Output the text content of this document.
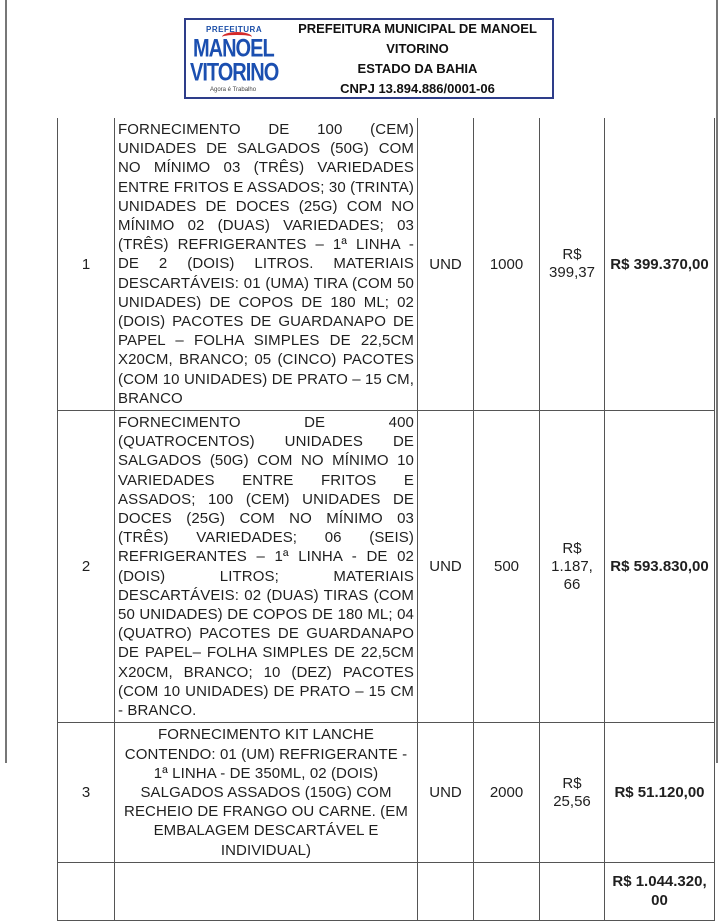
PREFEITURA
MANOEL
VITORINO
Agora é Trabalho
PREFEITURA MUNICIPAL DE MANOEL VITORINO
ESTADO DA BAHIA
CNPJ 13.894.886/0001-06
1	FORNECIMENTO DE 100 (CEM) UNIDADES DE SALGADOS (50G) COM NO MÍNIMO 03 (TRÊS) VARIEDADES ENTRE FRITOS E ASSADOS; 30 (TRINTA) UNIDADES DE DOCES (25G) COM NO MÍNIMO 02 (DUAS) VARIEDADES; 03 (TRÊS) REFRIGERANTES – 1ª LINHA - DE 2 (DOIS) LITROS. MATERIAIS DESCARTÁVEIS: 01 (UMA) TIRA (COM 50 UNIDADES) DE COPOS DE 180 ML; 02 (DOIS) PACOTES DE GUARDANAPO DE PAPEL – FOLHA SIMPLES DE 22,5CM X20CM, BRANCO; 05 (CINCO) PACOTES (COM 10 UNIDADES) DE PRATO – 15 CM, BRANCO	UND	1000	R$ 399,37	R$ 399.370,00
2	FORNECIMENTO DE 400 (QUATROCENTOS) UNIDADES DE SALGADOS (50G) COM NO MÍNIMO 10 VARIEDADES ENTRE FRITOS E ASSADOS; 100 (CEM) UNIDADES DE DOCES (25G) COM NO MÍNIMO 03 (TRÊS) VARIEDADES; 06 (SEIS) REFRIGERANTES – 1ª LINHA - DE 02 (DOIS) LITROS; MATERIAIS DESCARTÁVEIS: 02 (DUAS) TIRAS (COM 50 UNIDADES) DE COPOS DE 180 ML; 04 (QUATRO) PACOTES DE GUARDANAPO DE PAPEL– FOLHA SIMPLES DE 22,5CM X20CM, BRANCO; 10 (DEZ) PACOTES (COM 10 UNIDADES) DE PRATO – 15 CM - BRANCO.	UND	500	R$ 1.187, 66	R$ 593.830,00
3	FORNECIMENTO KIT LANCHE CONTENDO: 01 (UM) REFRIGERANTE - 1ª LINHA - DE 350ML, 02 (DOIS) SALGADOS ASSADOS (150G) COM RECHEIO DE FRANGO OU CARNE. (EM EMBALAGEM DESCARTÁVEL E INDIVIDUAL)	UND	2000	R$ 25,56	R$ 51.120,00
					R$ 1.044.320, 00
